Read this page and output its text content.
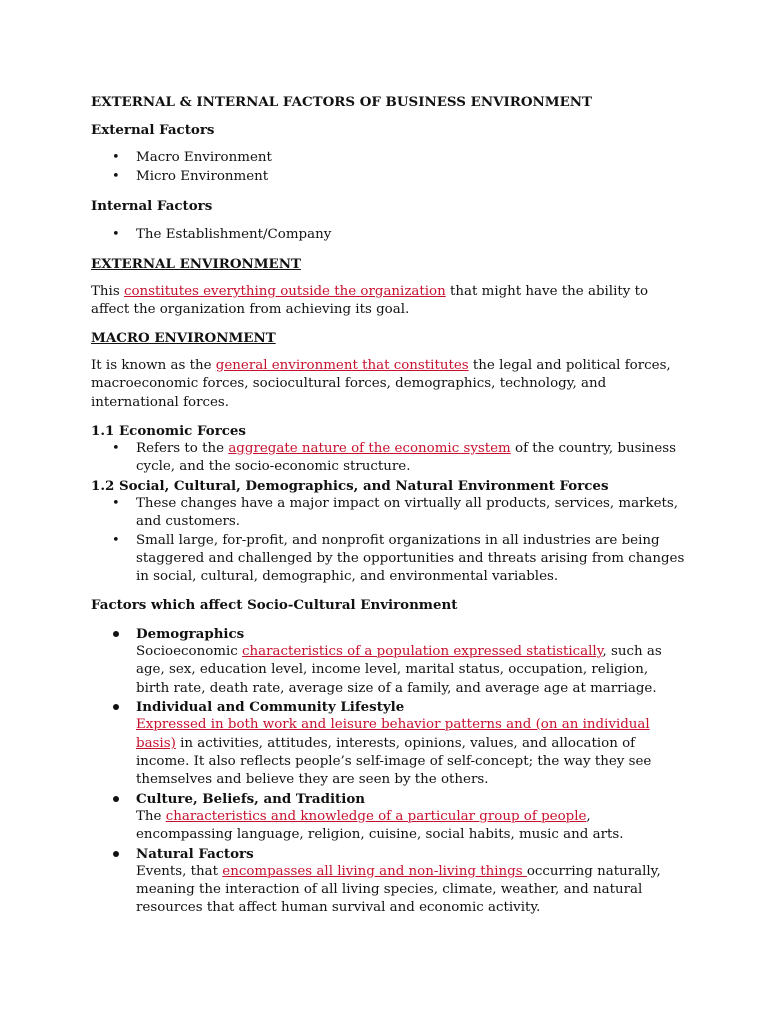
EXTERNAL & INTERNAL FACTORS OF BUSINESS ENVIRONMENT
External Factors
• Macro Environment
• Micro Environment
Internal Factors
• The Establishment/Company
EXTERNAL ENVIRONMENT
This constitutes everything outside the organization that might have the ability to
affect the organization from achieving its goal.
MACRO ENVIRONMENT
It is known as the general environment that constitutes the legal and political forces,
macroeconomic forces, sociocultural forces, demographics, technology, and
international forces.
1.1 Economic Forces
• Refers to the aggregate nature of the economic system of the country, business
cycle, and the socio-economic structure.
1.2 Social, Cultural, Demographics, and Natural Environment Forces
• These changes have a major impact on virtually all products, services, markets,
and customers.
• Small large, for-profit, and nonprofit organizations in all industries are being
staggered and challenged by the opportunities and threats arising from changes
in social, cultural, demographic, and environmental variables.
Factors which affect Socio-Cultural Environment
Demographics
Socioeconomic characteristics of a population expressed statistically, such as
age, sex, education level, income level, marital status, occupation, religion,
birth rate, death rate, average size of a family, and average age at marriage.
Individual and Community Lifestyle
Expressed in both work and leisure behavior patterns and (on an individual
basis) in activities, attitudes, interests, opinions, values, and allocation of
income. It also reflects people’s self-image of self-concept; the way they see
themselves and believe they are seen by the others.
Culture, Beliefs, and Tradition
The characteristics and knowledge of a particular group of people,
encompassing language, religion, cuisine, social habits, music and arts.
Natural Factors
Events, that encompasses all living and non-living things occurring naturally,
meaning the interaction of all living species, climate, weather, and natural
resources that affect human survival and economic activity.
